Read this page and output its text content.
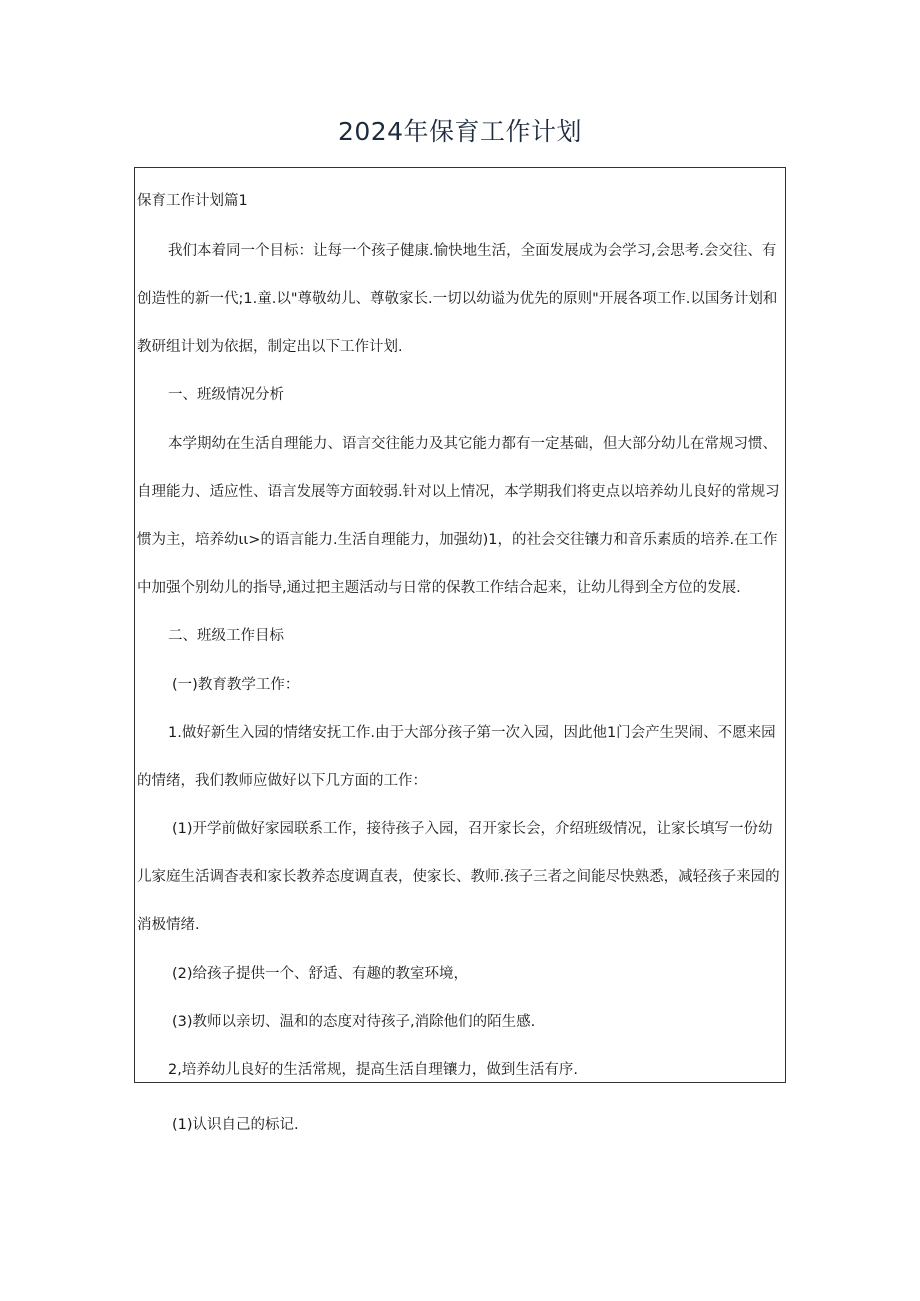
2024年保育工作计划
保育工作计划篇1
我们本着同一个目标：让每一个孩子健康.愉快地生活，全面发展成为会学习,会思考.会交往、有
创造性的新一代;1.童.以"尊敬幼儿、尊敬家长.一切以幼谥为优先的原则"开展各项工作.以国务计划和
教研组计划为依据，制定出以下工作计划.
一、班级情况分析
本学期幼在生活自理能力、语言交往能力及其它能力都有一定基础，但大部分幼儿在常规习惯、
自理能力、适应性、语言发展等方面较弱.针对以上情况，本学期我们将吏点以培养幼儿良好的常规习
惯为主，培养幼ιι>的语言能力.生活自理能力，加强幼)1，的社会交往镶力和音乐素质的培养.在工作
中加强个别幼儿的指导,通过把主题活动与日常的保教工作结合起来，让幼儿得到全方位的发展.
二、班级工作目标
(一)教育教学工作：
1.做好新生入园的情绪安抚工作.由于大部分孩子第一次入园，因此他1门会产生哭闹、不愿来园
的情绪，我们教师应做好以下几方面的工作：
(1)开学前做好家园联系工作，接待孩子入园，召开家长会，介绍班级情况，让家长填写一份幼
儿家庭生活调杳表和家长教养态度调直表，使家长、教师.孩子三者之间能尽快熟悉，减轻孩子来园的
消极情绪.
(2)给孩子提供一个、舒适、有趣的教室环境，
(3)教师以亲切、温和的态度对待孩子,消除他们的陌生感.
2,培养幼儿良好的生活常规，提高生活自理镶力，做到生活有序.
(1)认识自己的标记.
